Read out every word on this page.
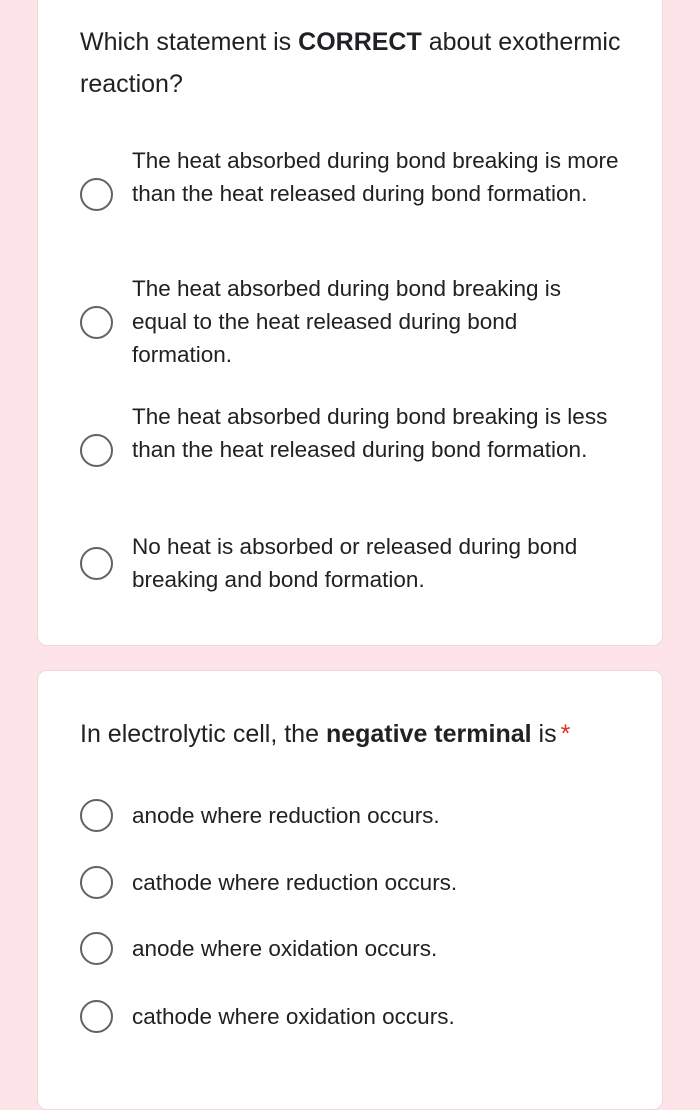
Which statement is CORRECT about exothermic reaction?
The heat absorbed during bond breaking is more than the heat released during bond formation.
The heat absorbed during bond breaking is equal to the heat released during bond formation.
The heat absorbed during bond breaking is less than the heat released during bond formation.
No heat is absorbed or released during bond breaking and bond formation.
In electrolytic cell, the negative terminal is *
anode where reduction occurs.
cathode where reduction occurs.
anode where oxidation occurs.
cathode where oxidation occurs.
